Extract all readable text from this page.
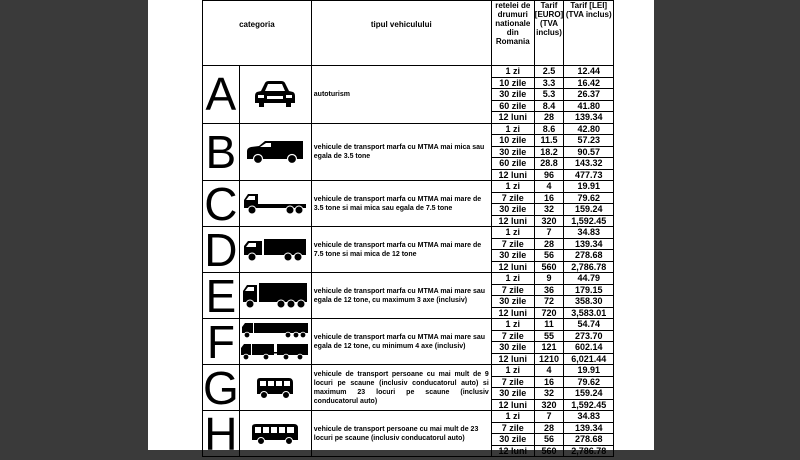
categoria		tipul vehiculului	retelei de drumuri nationale din Romania	Tarif [EURO] (TVA inclus)	Tarif [LEI] (TVA inclus)
A		autoturism	1 zi	2.5	12.44
			10 zile	3.3	16.42
			30 zile	5.3	26.37
			60 zile	8.4	41.80
			12 luni	28	139.34
B		vehicule de transport marfa cu MTMA mai mica sau egala de 3.5 tone	1 zi	8.6	42.80
			10 zile	11.5	57.23
			30 zile	18.2	90.57
			60 zile	28.8	143.32
			12 luni	96	477.73
C		vehicule de transport marfa cu MTMA mai mare de 3.5 tone si mai mica sau egala de 7.5 tone	1 zi	4	19.91
			7 zile	16	79.62
			30 zile	32	159.24
			12 luni	320	1,592.45
D		vehicule de transport marfa cu MTMA mai mare de 7.5 tone si mai mica de 12 tone	1 zi	7	34.83
			7 zile	28	139.34
			30 zile	56	278.68
			12 luni	560	2,786.78
E		vehicule de transport marfa cu MTMA mai mare sau egala de 12 tone, cu maximum 3 axe (inclusiv)	1 zi	9	44.79
			7 zile	36	179.15
			30 zile	72	358.30
			12 luni	720	3,583.01
F		vehicule de transport marfa cu MTMA mai mare sau egala de 12 tone, cu minimum 4 axe (inclusiv)	1 zi	11	54.74
			7 zile	55	273.70
			30 zile	121	602.14
			12 luni	1210	6,021.44
G		vehicule de transport persoane cu mai mult de 9 locuri pe scaune (inclusiv conducatorul auto) si maximum 23 locuri pe scaune (inclusiv conducatorul auto)	1 zi	4	19.91
			7 zile	16	79.62
			30 zile	32	159.24
			12 luni	320	1,592.45
H		vehicule de transport persoane cu mai mult de 23 locuri pe scaune (inclusiv conducatorul auto)	1 zi	7	34.83
			7 zile	28	139.34
			30 zile	56	278.68
			12 luni	560	2,786.78
